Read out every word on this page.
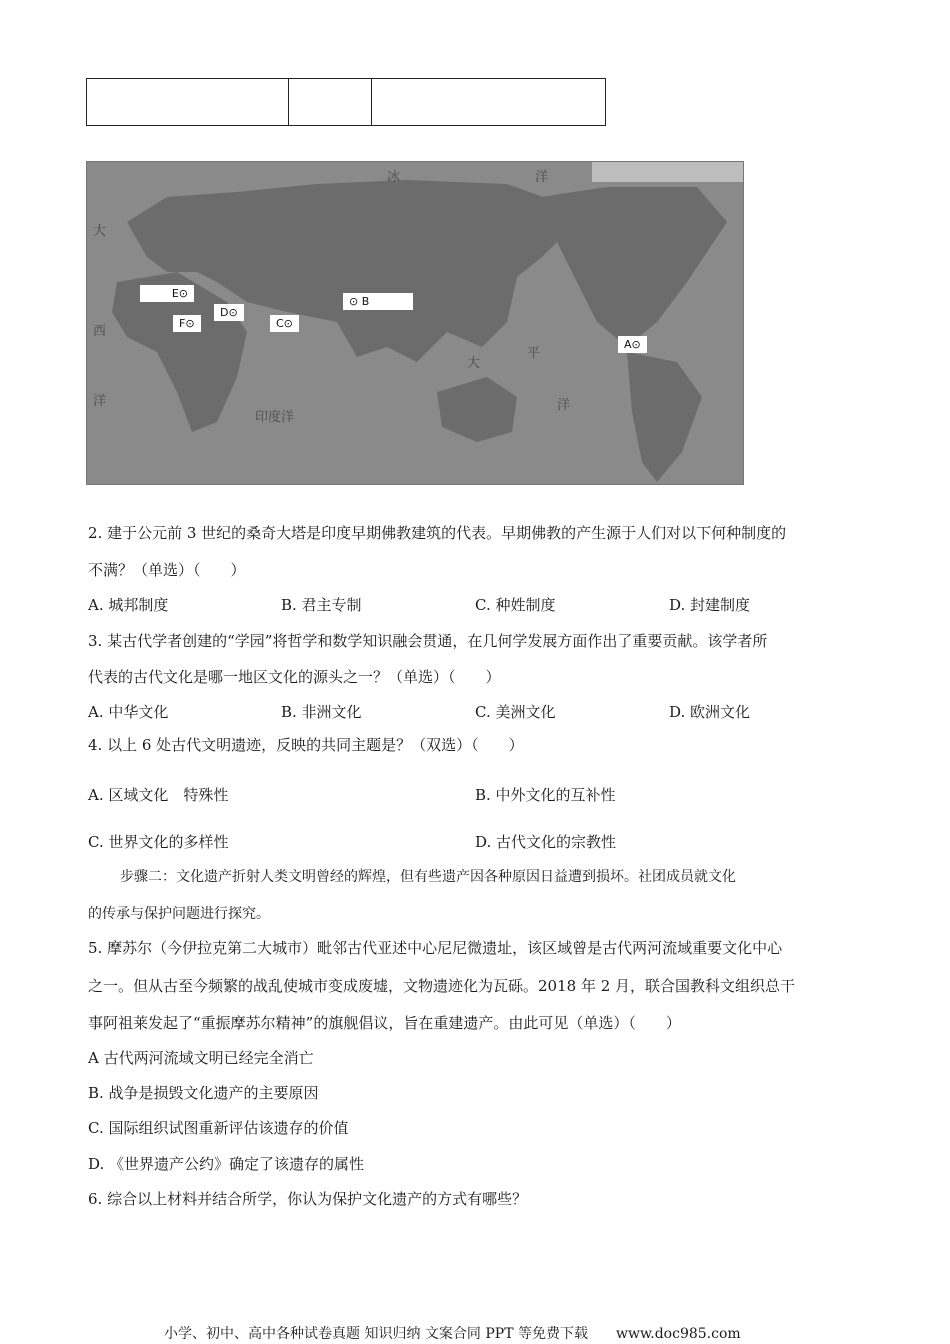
冰	洋
大
西
洋
印度洋
大
平
洋
E⊙
D⊙
F⊙	C⊙
⊙ B
A⊙
2. 建于公元前 3 世纪的桑奇大塔是印度早期佛教建筑的代表。早期佛教的产生源于人们对以下何种制度的
不满？（单选）（　　）
A. 城邦制度	B. 君主专制	C. 种姓制度	D. 封建制度
3. 某古代学者创建的“学园”将哲学和数学知识融会贯通，在几何学发展方面作出了重要贡献。该学者所
代表的古代文化是哪一地区文化的源头之一？（单选）（　　）
A. 中华文化	B. 非洲文化	C. 美洲文化	D. 欧洲文化
4. 以上 6 处古代文明遗迹，反映的共同主题是？（双选）（　　）
A. 区域文化　特殊性	B. 中外文化的互补性
C. 世界文化的多样性	D. 古代文化的宗教性
步骤二：文化遗产折射人类文明曾经的辉煌，但有些遗产因各种原因日益遭到损坏。社团成员就文化
的传承与保护问题进行探究。
5. 摩苏尔（今伊拉克第二大城市）毗邻古代亚述中心尼尼微遗址，该区域曾是古代两河流域重要文化中心
之一。但从古至今频繁的战乱使城市变成废墟，文物遗迹化为瓦砾。2018 年 2 月，联合国教科文组织总干
事阿祖莱发起了“重振摩苏尔精神”的旗舰倡议，旨在重建遗产。由此可见（单选）（　　）
A 古代两河流域文明已经完全消亡
B. 战争是损毁文化遗产的主要原因
C. 国际组织试图重新评估该遗存的价值
D. 《世界遗产公约》确定了该遗存的属性
6. 综合以上材料并结合所学，你认为保护文化遗产的方式有哪些？
小学、初中、高中各种试卷真题 知识归纳 文案合同 PPT 等免费下载　　www.doc985.com
